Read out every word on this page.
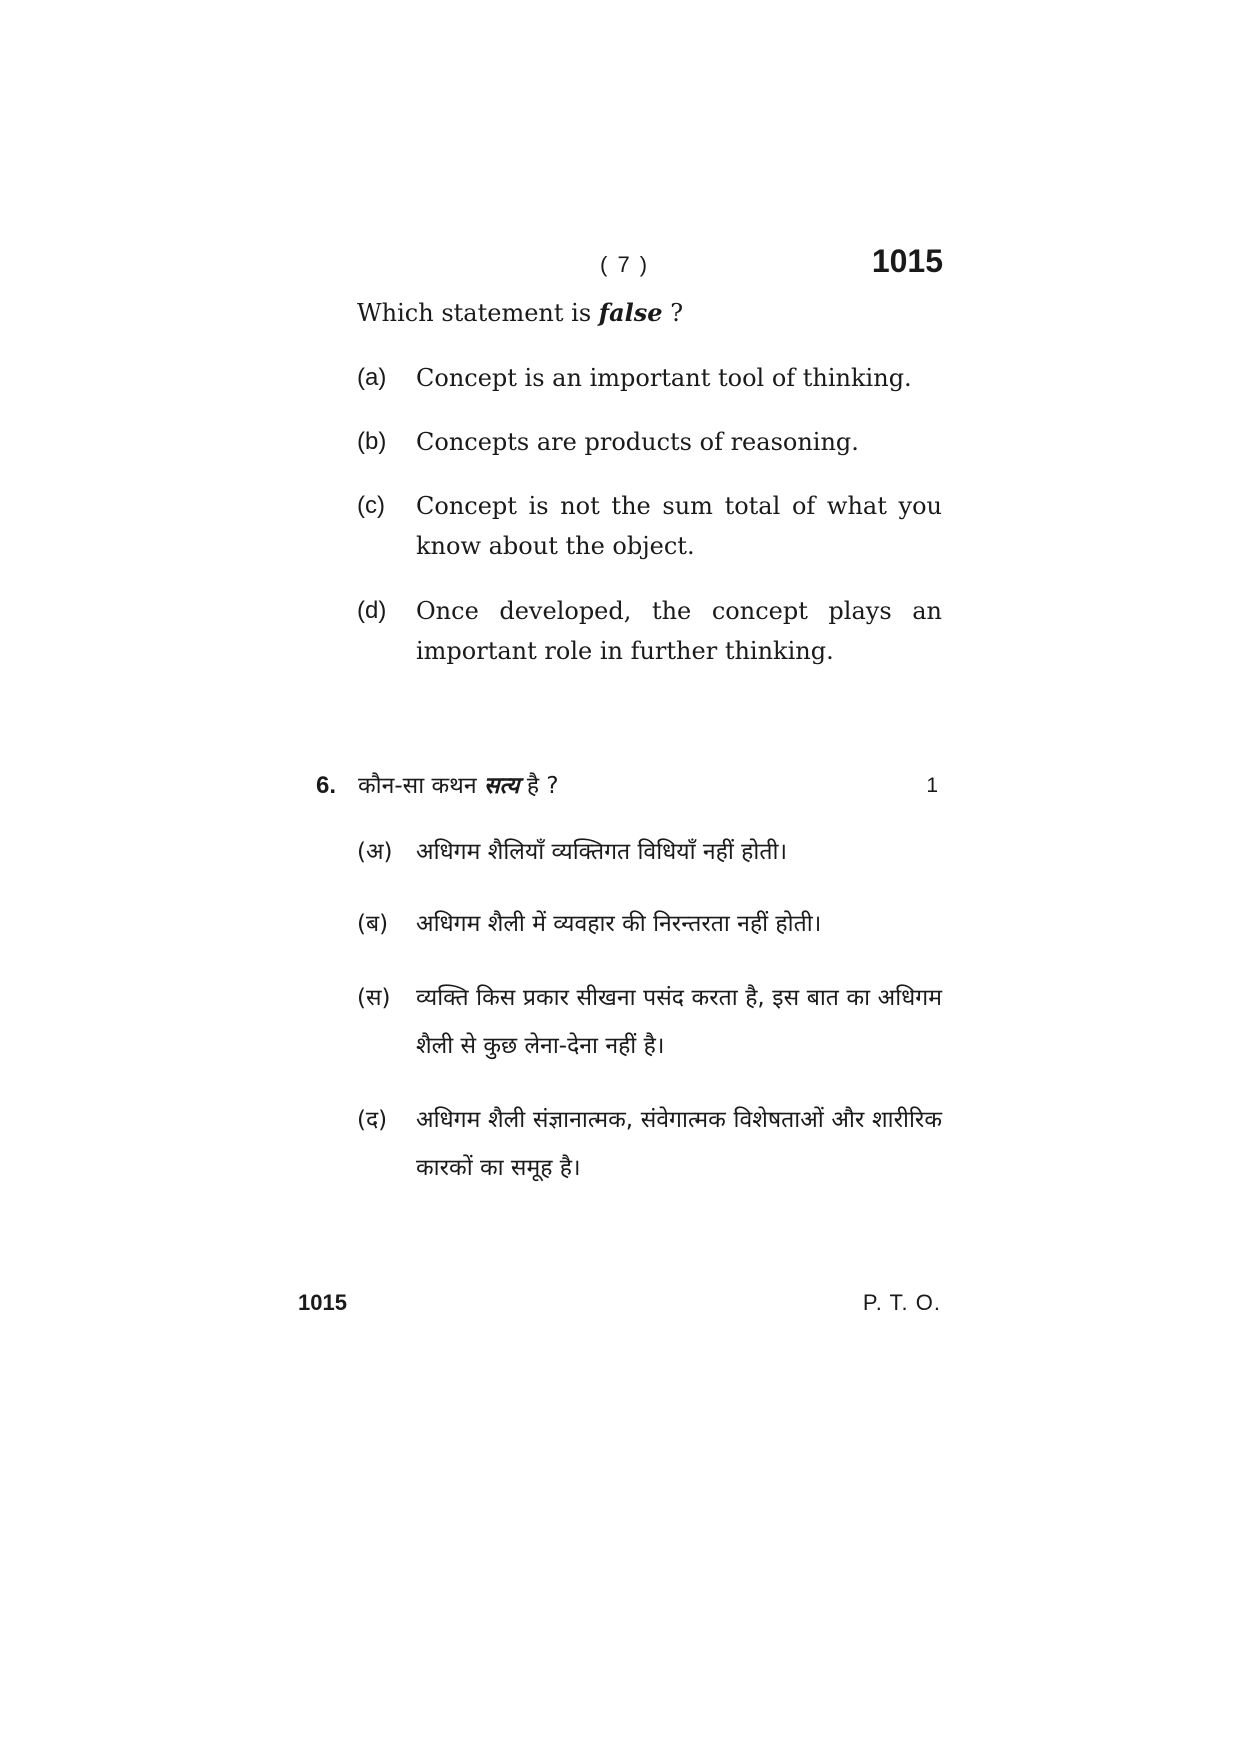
( 7 )	1015
Which statement is false ?
(a)	Concept is an important tool of thinking.
(b)	Concepts are products of reasoning.
(c)	Concept is not the sum total of what you know about the object.
(d)	Once developed, the concept plays an important role in further thinking.
6. कौन-सा कथन सत्य है ?	1
(अ)	अधिगम शैलियाँ व्यक्तिगत विधियाँ नहीं होती।
(ब)	अधिगम शैली में व्यवहार की निरन्तरता नहीं होती।
(स)	व्यक्ति किस प्रकार सीखना पसंद करता है, इस बात का अधिगम शैली से कुछ लेना-देना नहीं है।
(द)	अधिगम शैली संज्ञानात्मक, संवेगात्मक विशेषताओं और शारीरिक कारकों का समूह है।
1015	P. T. O.
